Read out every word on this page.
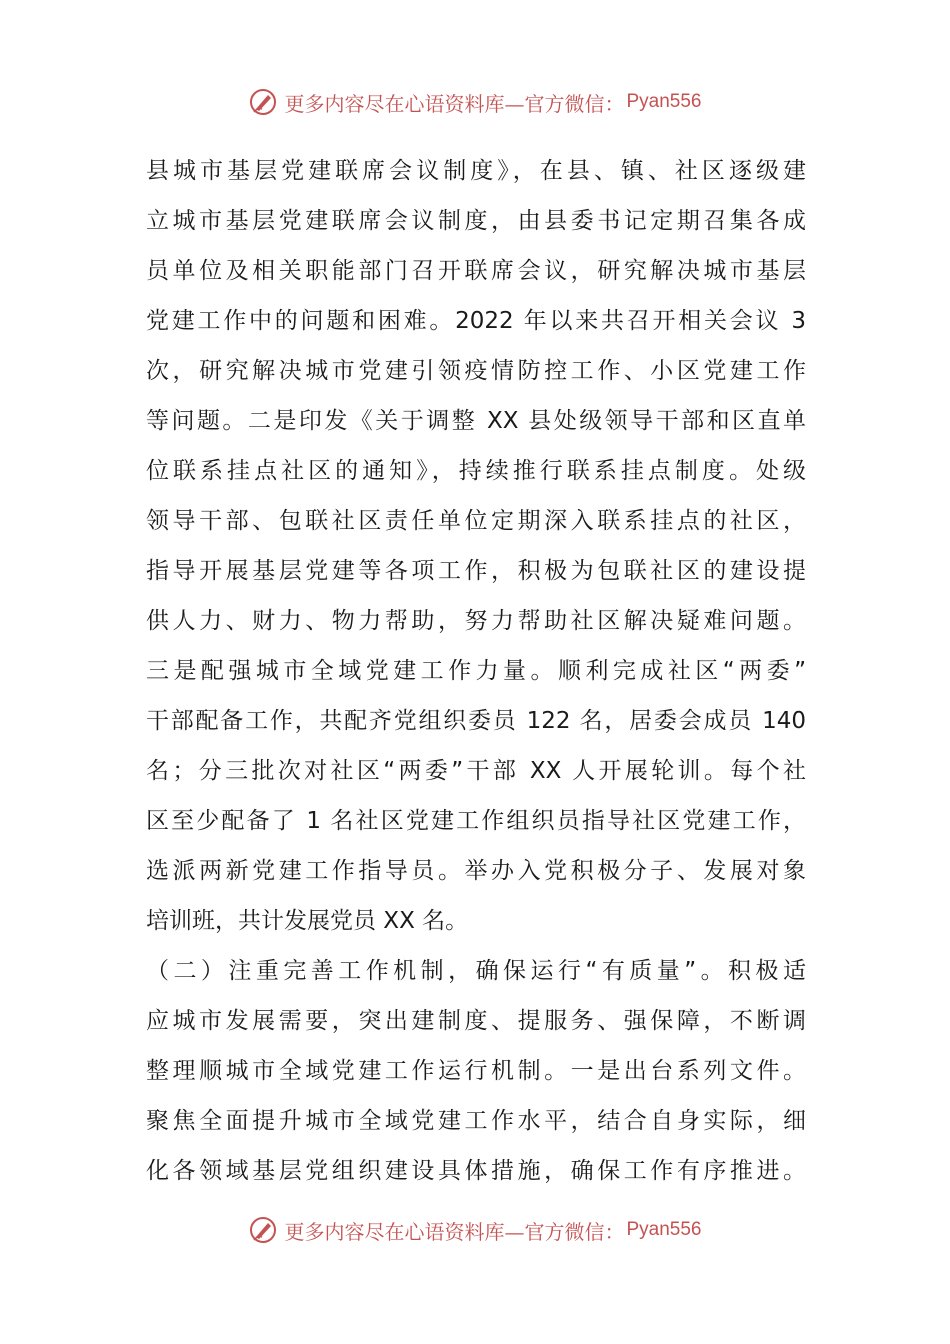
更多内容尽在心语资料库—官方微信： Pyan556
县城市基层党建联席会议制度》，在县、镇、社区逐级建
立城市基层党建联席会议制度，由县委书记定期召集各成
员单位及相关职能部门召开联席会议，研究解决城市基层
党建工作中的问题和困难。2022 年以来共召开相关会议 3
次，研究解决城市党建引领疫情防控工作、小区党建工作
等问题。二是印发《关于调整 XX 县处级领导干部和区直单
位联系挂点社区的通知》，持续推行联系挂点制度。处级
领导干部、包联社区责任单位定期深入联系挂点的社区，
指导开展基层党建等各项工作，积极为包联社区的建设提
供人力、财力、物力帮助，努力帮助社区解决疑难问题。
三是配强城市全域党建工作力量。顺利完成社区“两委”
干部配备工作，共配齐党组织委员 122 名，居委会成员 140
名；分三批次对社区“两委”干部 XX 人开展轮训。每个社
区至少配备了 1 名社区党建工作组织员指导社区党建工作，
选派两新党建工作指导员。举办入党积极分子、发展对象
培训班，共计发展党员 XX 名。
（二）注重完善工作机制，确保运行“有质量”。积极适
应城市发展需要，突出建制度、提服务、强保障，不断调
整理顺城市全域党建工作运行机制。一是出台系列文件。
聚焦全面提升城市全域党建工作水平，结合自身实际，细
化各领域基层党组织建设具体措施，确保工作有序推进。
更多内容尽在心语资料库—官方微信： Pyan556
